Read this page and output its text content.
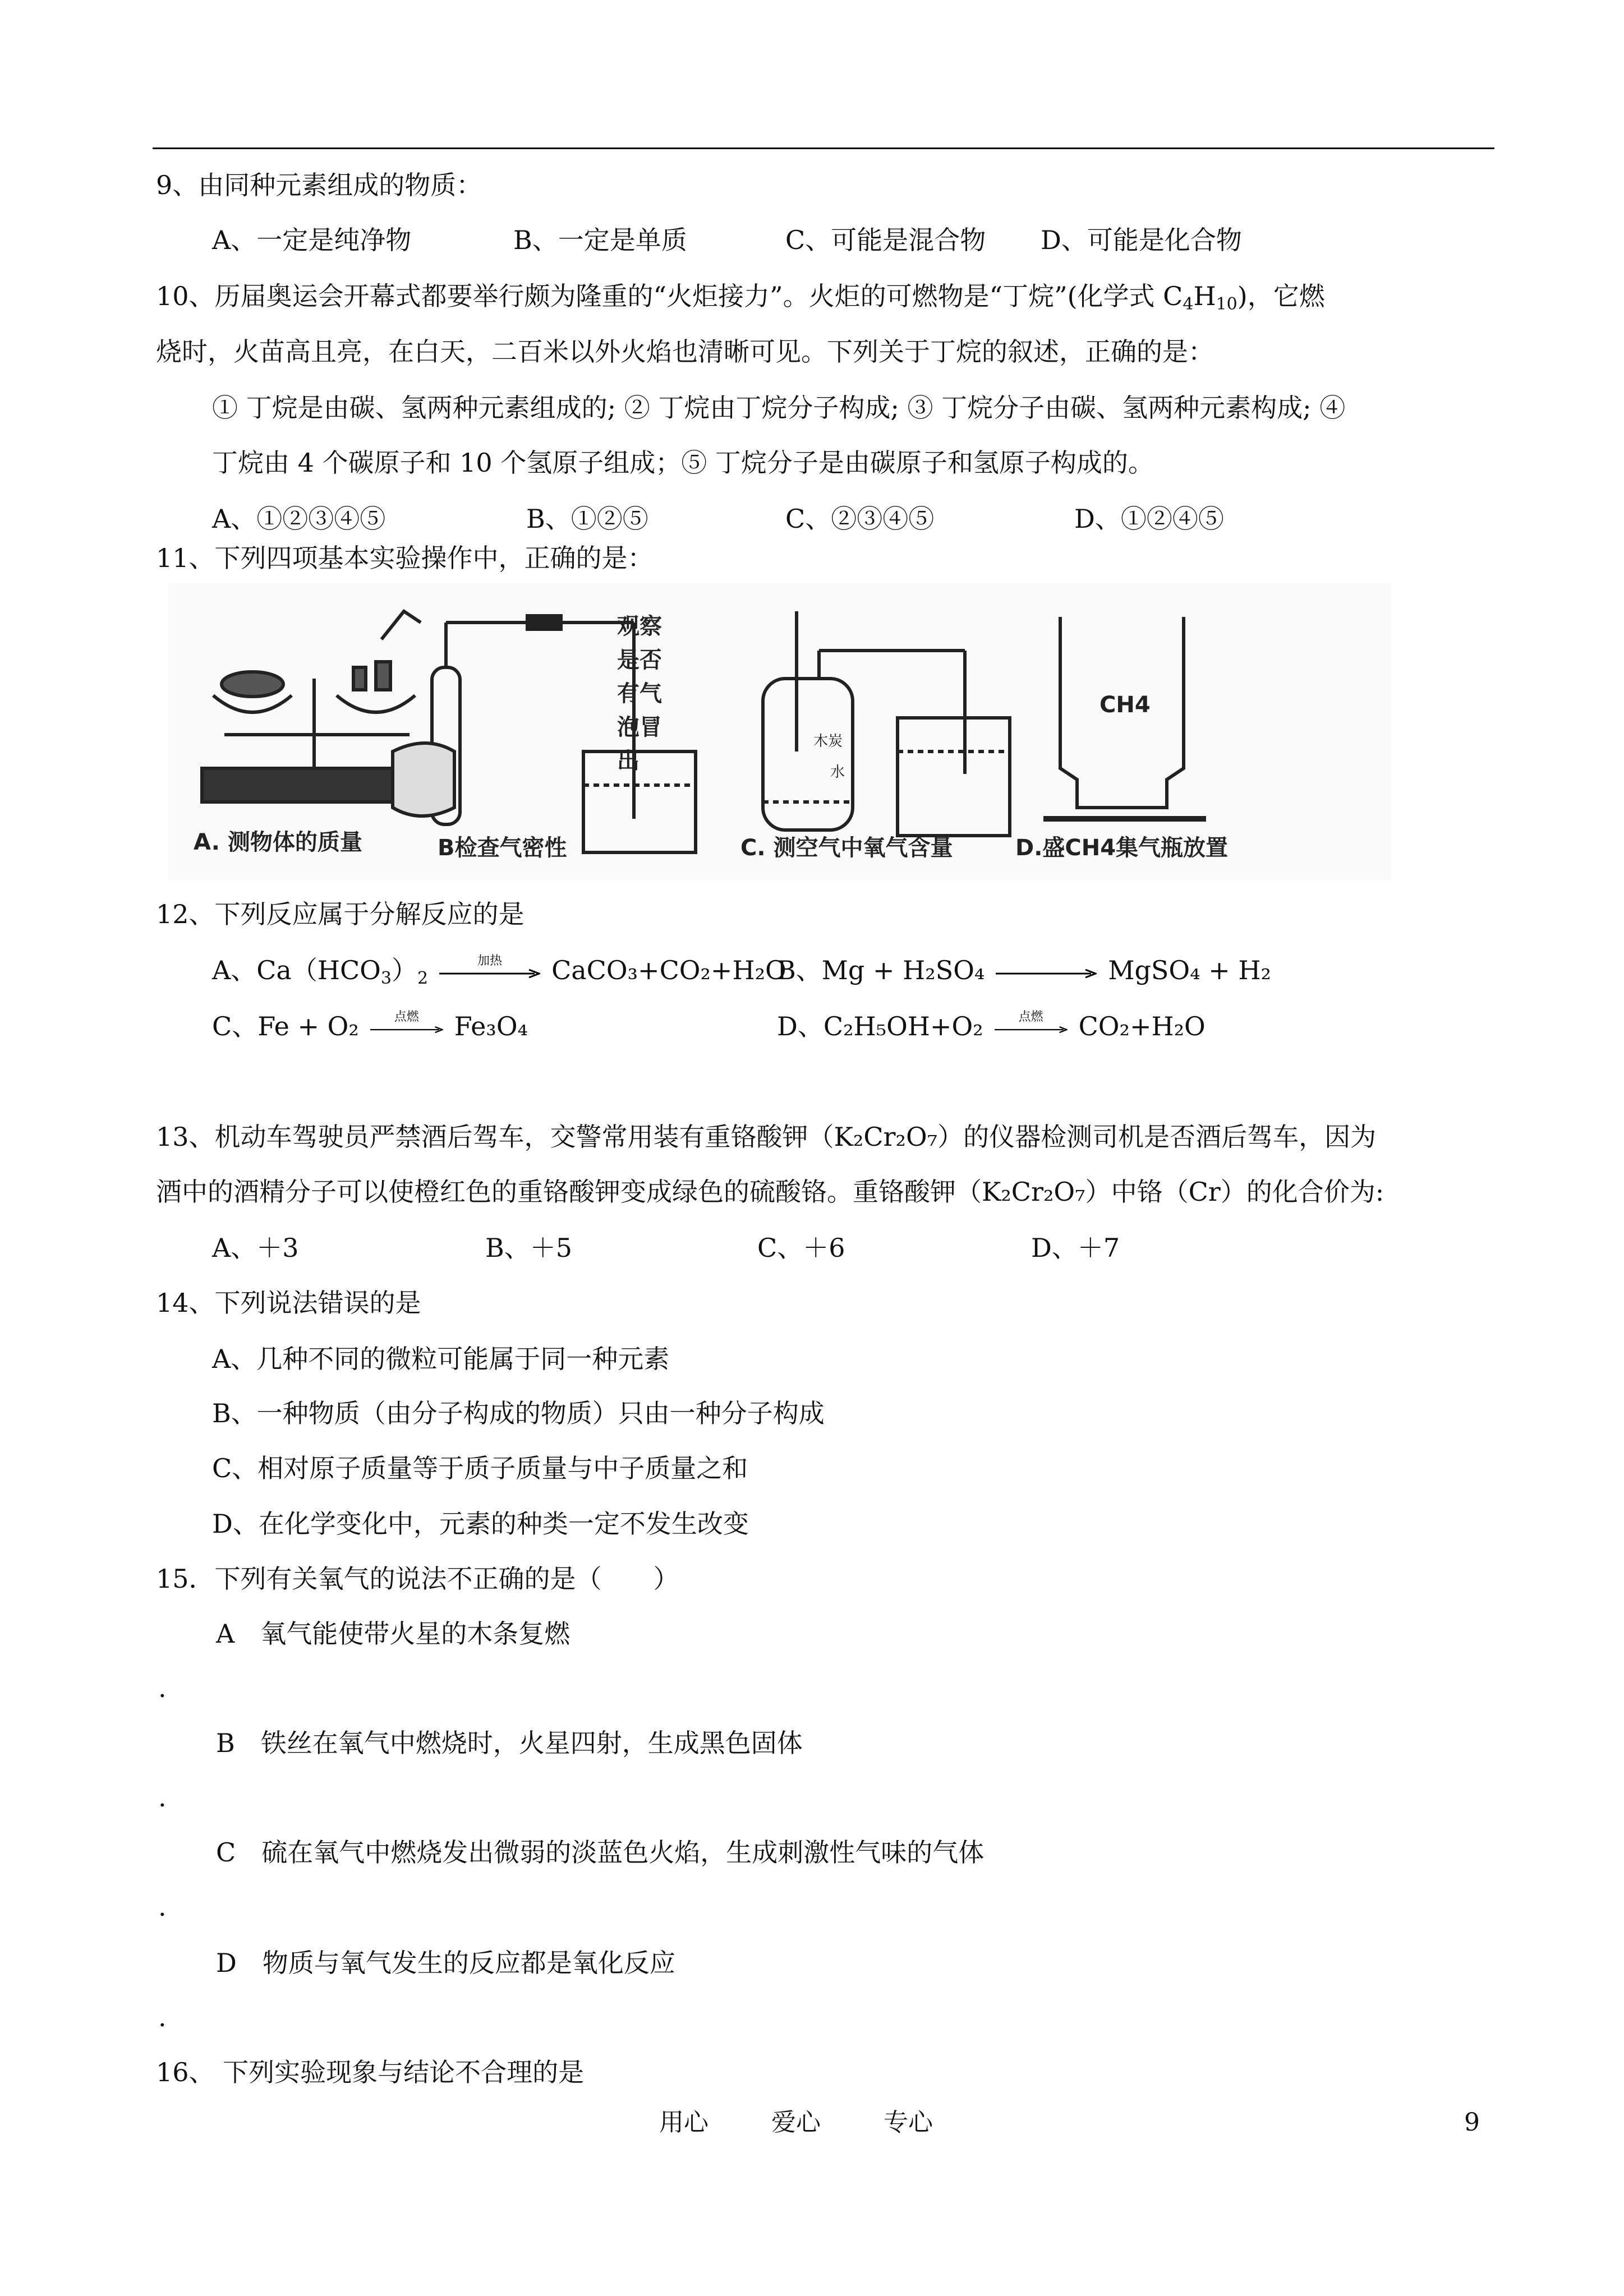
9、由同种元素组成的物质：
A、一定是纯净物	B、一定是单质	C、可能是混合物 D、可能是化合物
10、历届奥运会开幕式都要举行颇为隆重的“火炬接力”。火炬的可燃物是“丁烷”(化学式 $C_4H_{10}$)，它燃
烧时，火苗高且亮，在白天，二百米以外火焰也清晰可见。下列关于丁烷的叙述，正确的是：
① 丁烷是由碳、氢两种元素组成的; ② 丁烷由丁烷分子构成; ③ 丁烷分子由碳、氢两种元素构成; ④
丁烷由 4 个碳原子和 10 个氢原子组成；⑤ 丁烷分子是由碳原子和氢原子构成的。
A、①②③④⑤	B、①②⑤	C、②③④⑤	D、①②④⑤
11、下列四项基本实验操作中，正确的是：
A. 测物体的质量
观察
是否
有气
泡冒
出
B检查气密性
木炭
水
C. 测空气中氧气含量
CH4
D.盛CH4集气瓶放置
12、下列反应属于分解反应的是
A、$Ca(HCO_3)_2$
加热	CaCO₃+CO₂+H₂O
B、Mg + H₂SO₄	MgSO₄ + H₂
C、Fe + O₂	点燃	Fe₃O₄	D、C₂H₅OH+O₂	点燃	CO₂+H₂O
13、机动车驾驶员严禁酒后驾车，交警常用装有重铬酸钾（K₂Cr₂O₇）的仪器检测司机是否酒后驾车，因为
酒中的酒精分子可以使橙红色的重铬酸钾变成绿色的硫酸铬。重铬酸钾（K₂Cr₂O₇）中铬（Cr）的化合价为:
A、＋3	B、＋5	C、＋6	D、＋7
14、下列说法错误的是
A、几种不同的微粒可能属于同一种元素
B、一种物质（由分子构成的物质）只由一种分子构成
C、相对原子质量等于质子质量与中子质量之和
D、在化学变化中，元素的种类一定不发生改变
15．下列有关氧气的说法不正确的是（　　）
A　氧气能使带火星的木条复燃
.
B　铁丝在氧气中燃烧时，火星四射，生成黑色固体
.
C　硫在氧气中燃烧发出微弱的淡蓝色火焰，生成刺激性气味的气体
.
D　物质与氧气发生的反应都是氧化反应
.
16、 下列实验现象与结论不合理的是
用心	爱心	专心	9
